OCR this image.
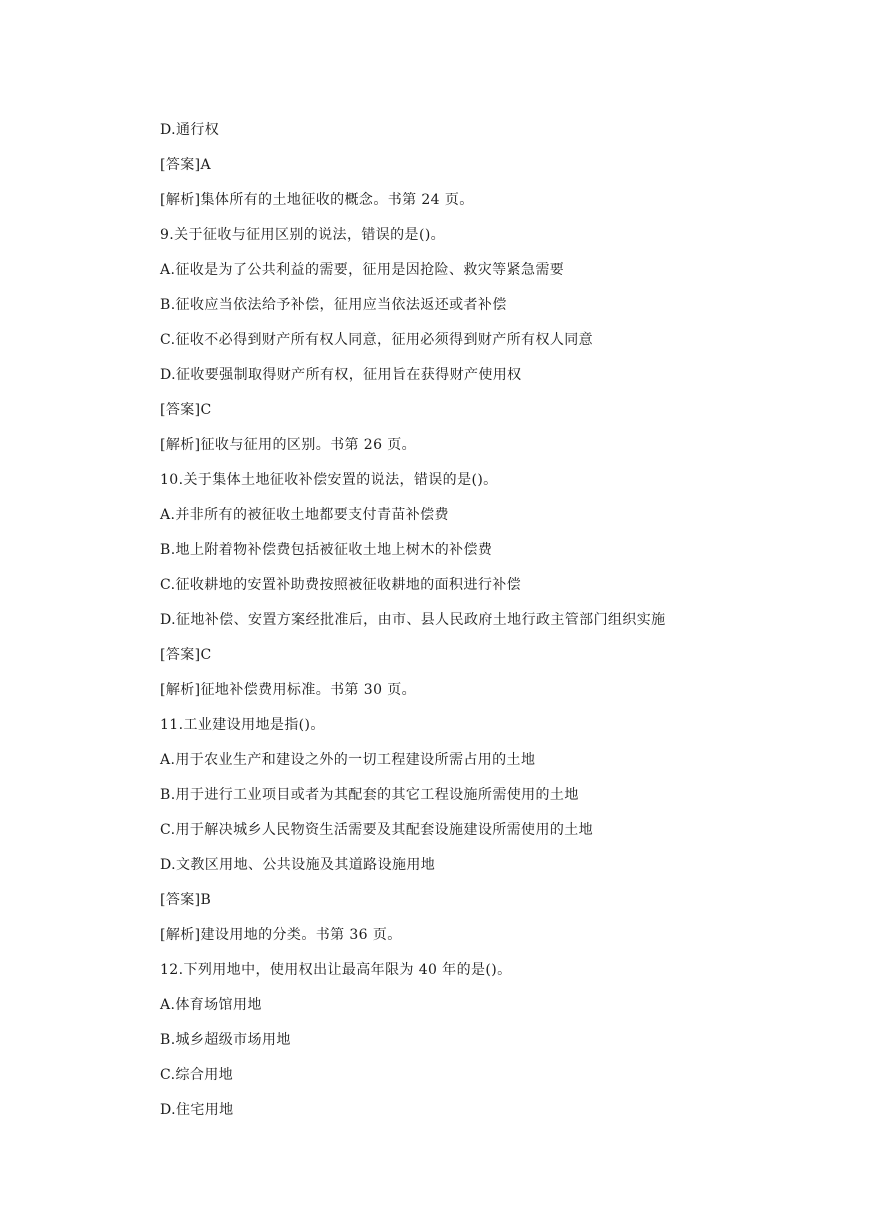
D.通行权
[答案]A
[解析]集体所有的土地征收的概念。书第 24 页。
9.关于征收与征用区别的说法，错误的是()。
A.征收是为了公共利益的需要，征用是因抢险、救灾等紧急需要
B.征收应当依法给予补偿，征用应当依法返还或者补偿
C.征收不必得到财产所有权人同意，征用必须得到财产所有权人同意
D.征收要强制取得财产所有权，征用旨在获得财产使用权
[答案]C
[解析]征收与征用的区别。书第 26 页。
10.关于集体土地征收补偿安置的说法，错误的是()。
A.并非所有的被征收土地都要支付青苗补偿费
B.地上附着物补偿费包括被征收土地上树木的补偿费
C.征收耕地的安置补助费按照被征收耕地的面积进行补偿
D.征地补偿、安置方案经批准后，由市、县人民政府土地行政主管部门组织实施
[答案]C
[解析]征地补偿费用标准。书第 30 页。
11.工业建设用地是指()。
A.用于农业生产和建设之外的一切工程建设所需占用的土地
B.用于进行工业项目或者为其配套的其它工程设施所需使用的土地
C.用于解决城乡人民物资生活需要及其配套设施建设所需使用的土地
D.文教区用地、公共设施及其道路设施用地
[答案]B
[解析]建设用地的分类。书第 36 页。
12.下列用地中，使用权出让最高年限为 40 年的是()。
A.体育场馆用地
B.城乡超级市场用地
C.综合用地
D.住宅用地
